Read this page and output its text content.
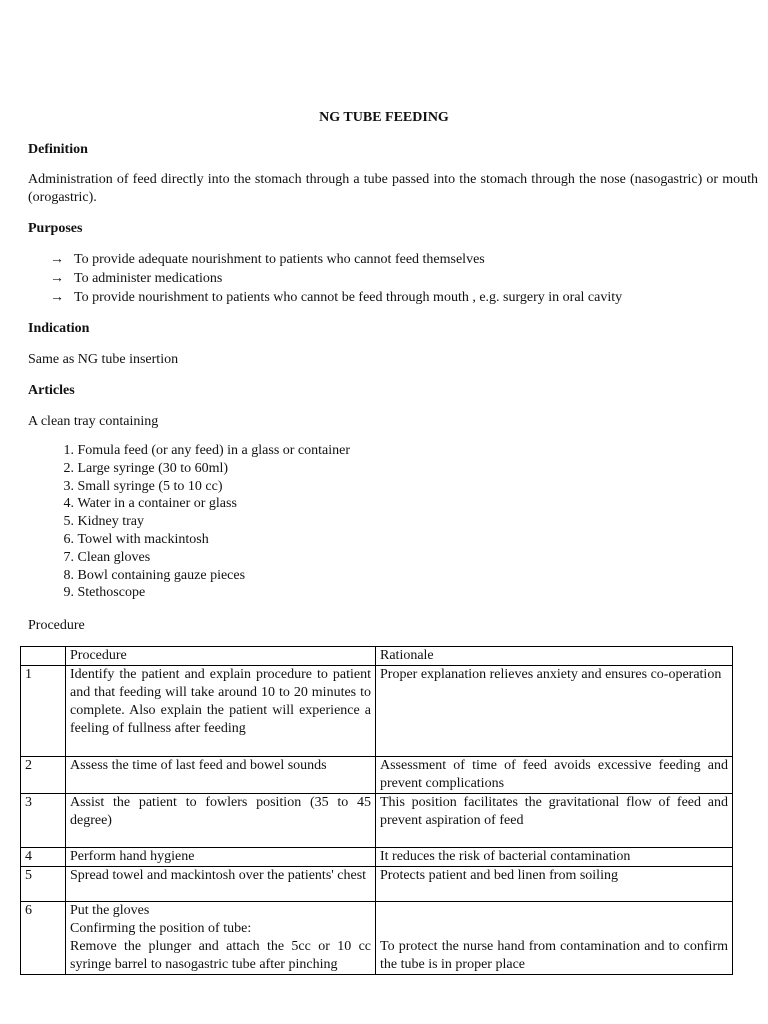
NG TUBE FEEDING
Definition
Administration of feed directly into the stomach through a tube passed into the stomach through the nose (nasogastric) or mouth (orogastric).
Purposes
→ To provide adequate nourishment to patients who cannot feed themselves
→ To administer medications
→ To provide nourishment to patients who cannot be feed through mouth , e.g. surgery in oral cavity
Indication
Same as NG tube insertion
Articles
A clean tray containing
1. Fomula feed (or any feed) in a glass or container
2. Large syringe (30 to 60ml)
3. Small syringe (5 to 10 cc)
4. Water in a container or glass
5. Kidney tray
6. Towel with mackintosh
7. Clean gloves
8. Bowl containing gauze pieces
9. Stethoscope
Procedure
	Procedure	Rationale
1	Identify the patient and explain procedure to patient and that feeding will take around 10 to 20 minutes to complete. Also explain the patient will experience a feeling of fullness after feeding	Proper explanation relieves anxiety and ensures co-operation
2	Assess the time of last feed and bowel sounds	Assessment of time of feed avoids excessive feeding and prevent complications
3	Assist the patient to fowlers position (35 to 45 degree)	This position facilitates the gravitational flow of feed and prevent aspiration of feed
4	Perform hand hygiene	It reduces the risk of bacterial contamination
5	Spread towel and mackintosh over the patients' chest	Protects patient and bed linen from soiling
6	Put the gloves
Confirming the position of tube:
Remove the plunger and attach the 5cc or 10 cc syringe barrel to nasogastric tube after pinching	To protect the nurse hand from contamination and to confirm the tube is in proper place
